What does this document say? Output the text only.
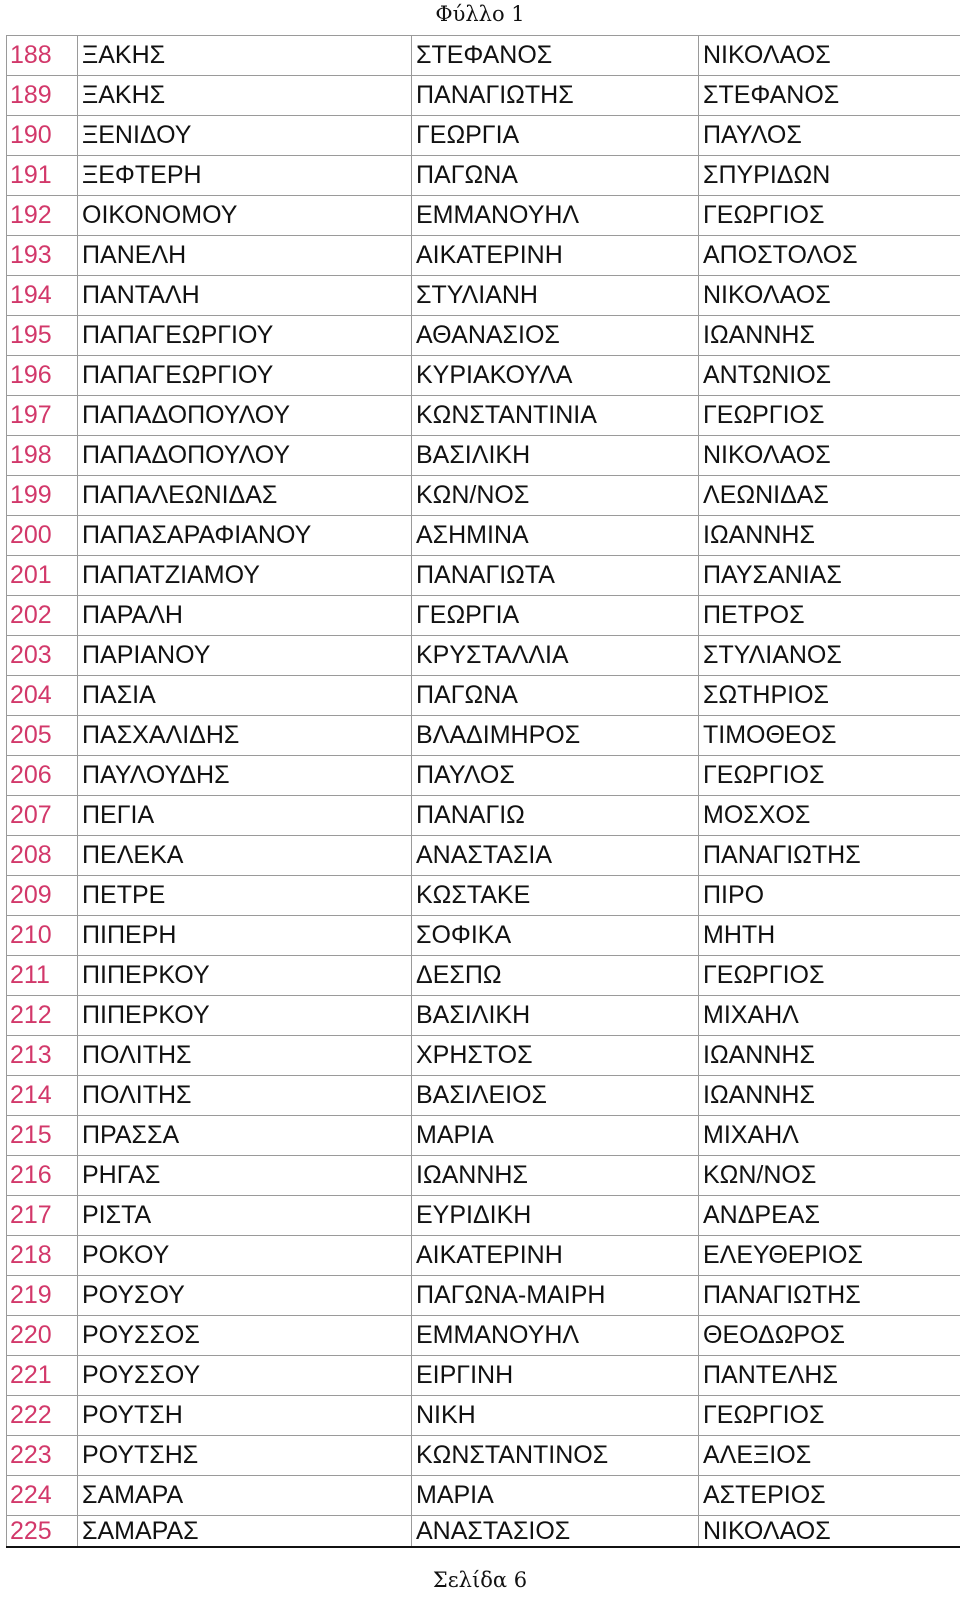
Φύλλο 1
188	ΞΑΚΗΣ	ΣΤΕΦΑΝΟΣ	ΝΙΚΟΛΑΟΣ
189	ΞΑΚΗΣ	ΠΑΝΑΓΙΩΤΗΣ	ΣΤΕΦΑΝΟΣ
190	ΞΕΝΙΔΟΥ	ΓΕΩΡΓΙΑ	ΠΑΥΛΟΣ
191	ΞΕΦΤΕΡΗ	ΠΑΓΩΝΑ	ΣΠΥΡΙΔΩΝ
192	ΟΙΚΟΝΟΜΟΥ	ΕΜΜΑΝΟΥΗΛ	ΓΕΩΡΓΙΟΣ
193	ΠΑΝΕΛΗ	ΑΙΚΑΤΕΡΙΝΗ	ΑΠΟΣΤΟΛΟΣ
194	ΠΑΝΤΑΛΗ	ΣΤΥΛΙΑΝΗ	ΝΙΚΟΛΑΟΣ
195	ΠΑΠΑΓΕΩΡΓΙΟΥ	ΑΘΑΝΑΣΙΟΣ	ΙΩΑΝΝΗΣ
196	ΠΑΠΑΓΕΩΡΓΙΟΥ	ΚΥΡΙΑΚΟΥΛΑ	ΑΝΤΩΝΙΟΣ
197	ΠΑΠΑΔΟΠΟΥΛΟΥ	ΚΩΝΣΤΑΝΤΙΝΙΑ	ΓΕΩΡΓΙΟΣ
198	ΠΑΠΑΔΟΠΟΥΛΟΥ	ΒΑΣΙΛΙΚΗ	ΝΙΚΟΛΑΟΣ
199	ΠΑΠΑΛΕΩΝΙΔΑΣ	ΚΩΝ/ΝΟΣ	ΛΕΩΝΙΔΑΣ
200	ΠΑΠΑΣΑΡΑΦΙΑΝΟΥ	ΑΣΗΜΙΝΑ	ΙΩΑΝΝΗΣ
201	ΠΑΠΑΤΖΙΑΜΟΥ	ΠΑΝΑΓΙΩΤΑ	ΠΑΥΣΑΝΙΑΣ
202	ΠΑΡΑΛΗ	ΓΕΩΡΓΙΑ	ΠΕΤΡΟΣ
203	ΠΑΡΙΑΝΟΥ	ΚΡΥΣΤΑΛΛΙΑ	ΣΤΥΛΙΑΝΟΣ
204	ΠΑΣΙΑ	ΠΑΓΩΝΑ	ΣΩΤΗΡΙΟΣ
205	ΠΑΣΧΑΛΙΔΗΣ	ΒΛΑΔΙΜΗΡΟΣ	ΤΙΜΟΘΕΟΣ
206	ΠΑΥΛΟΥΔΗΣ	ΠΑΥΛΟΣ	ΓΕΩΡΓΙΟΣ
207	ΠΕΓΙΑ	ΠΑΝΑΓΙΩ	ΜΟΣΧΟΣ
208	ΠΕΛΕΚΑ	ΑΝΑΣΤΑΣΙΑ	ΠΑΝΑΓΙΩΤΗΣ
209	ΠΕΤΡΕ	ΚΩΣΤΑΚΕ	ΠΙΡΟ
210	ΠΙΠΕΡΗ	ΣΟΦΙΚΑ	ΜΗΤΗ
211	ΠΙΠΕΡΚΟΥ	ΔΕΣΠΩ	ΓΕΩΡΓΙΟΣ
212	ΠΙΠΕΡΚΟΥ	ΒΑΣΙΛΙΚΗ	ΜΙΧΑΗΛ
213	ΠΟΛΙΤΗΣ	ΧΡΗΣΤΟΣ	ΙΩΑΝΝΗΣ
214	ΠΟΛΙΤΗΣ	ΒΑΣΙΛΕΙΟΣ	ΙΩΑΝΝΗΣ
215	ΠΡΑΣΣΑ	ΜΑΡΙΑ	ΜΙΧΑΗΛ
216	ΡΗΓΑΣ	ΙΩΑΝΝΗΣ	ΚΩΝ/ΝΟΣ
217	ΡΙΣΤΑ	ΕΥΡΙΔΙΚΗ	ΑΝΔΡΕΑΣ
218	ΡΟΚΟΥ	ΑΙΚΑΤΕΡΙΝΗ	ΕΛΕΥΘΕΡΙΟΣ
219	ΡΟΥΣΟΥ	ΠΑΓΩΝΑ-ΜΑΙΡΗ	ΠΑΝΑΓΙΩΤΗΣ
220	ΡΟΥΣΣΟΣ	ΕΜΜΑΝΟΥΗΛ	ΘΕΟΔΩΡΟΣ
221	ΡΟΥΣΣΟΥ	ΕΙΡΓΙΝΗ	ΠΑΝΤΕΛΗΣ
222	ΡΟΥΤΣΗ	ΝΙΚΗ	ΓΕΩΡΓΙΟΣ
223	ΡΟΥΤΣΗΣ	ΚΩΝΣΤΑΝΤΙΝΟΣ	ΑΛΕΞΙΟΣ
224	ΣΑΜΑΡΑ	ΜΑΡΙΑ	ΑΣΤΕΡΙΟΣ
225	ΣΑΜΑΡΑΣ	ΑΝΑΣΤΑΣΙΟΣ	ΝΙΚΟΛΑΟΣ
Σελίδα 6
